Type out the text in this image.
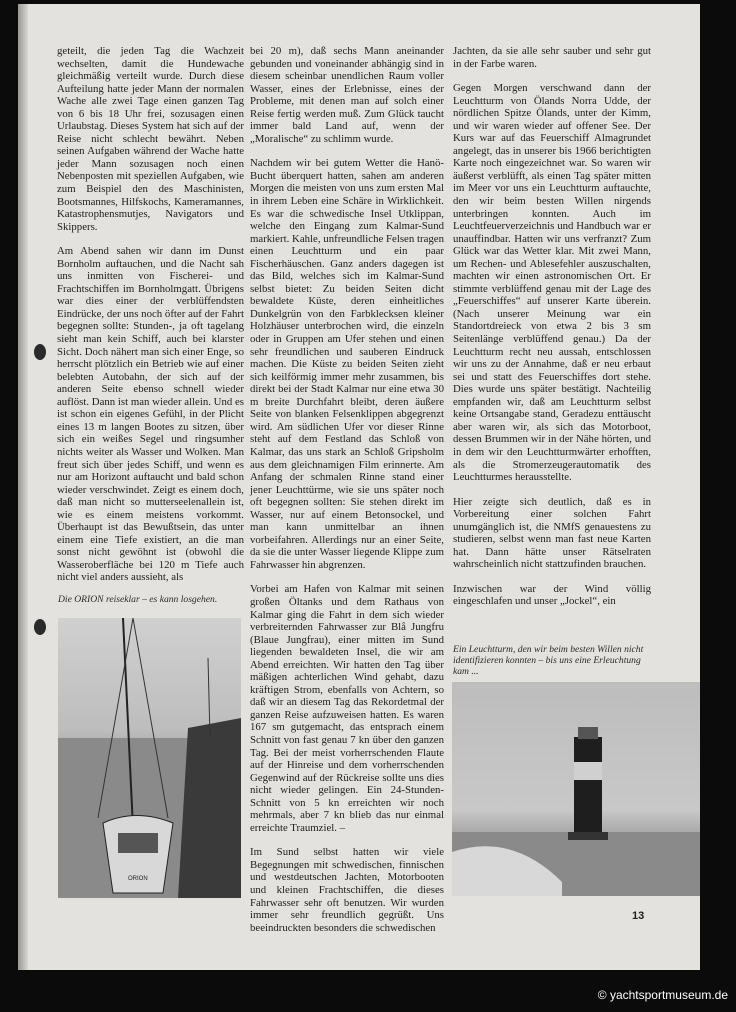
geteilt, die jeden Tag die Wachzeit wechselten, damit die Hundewache gleichmäßig verteilt wurde. Durch diese Aufteilung hatte jeder Mann der normalen Wache alle zwei Tage einen ganzen Tag von 6 bis 18 Uhr frei, sozusagen einen Urlaubstag. Dieses System hat sich auf der Reise nicht schlecht bewährt. Neben seinen Aufgaben während der Wache hatte jeder Mann sozusagen noch einen Nebenposten mit speziellen Aufgaben, wie zum Beispiel den des Maschinisten, Bootsmannes, Hilfskochs, Kameramannes, Katastrophensmutjes, Navigators und Skippers.

Am Abend sahen wir dann im Dunst Bornholm auftauchen, und die Nacht sah uns inmitten von Fischerei- und Frachtschiffen im Bornholmgatt. Übrigens war dies einer der verblüffendsten Eindrücke, der uns noch öfter auf der Fahrt begegnen sollte: Stunden-, ja oft tagelang sieht man kein Schiff, auch bei klarster Sicht. Doch nähert man sich einer Enge, so herrscht plötzlich ein Betrieb wie auf einer belebten Autobahn, der sich auf der anderen Seite ebenso schnell wieder auflöst. Dann ist man wieder allein. Und es ist schon ein eigenes Gefühl, in der Plicht eines 13 m langen Bootes zu sitzen, über sich ein weißes Segel und ringsumher nichts weiter als Wasser und Wolken. Man freut sich über jedes Schiff, und wenn es nur am Horizont auftaucht und bald schon wieder verschwindet. Zeigt es einem doch, daß man nicht so mutterseelenallein ist, wie es einem meistens vorkommt. Überhaupt ist das Bewußtsein, das unter einem eine Tiefe existiert, an die man sonst nicht gewöhnt ist (obwohl die Wasseroberfläche bei 120 m Tiefe auch nicht viel anders aussieht, als

Die ORION reiseklar – es kann losgehen.
ORION

bei 20 m), daß sechs Mann aneinander gebunden und voneinander abhängig sind in diesem scheinbar unendlichen Raum voller Wasser, eines der Erlebnisse, eines der Probleme, mit denen man auf solch einer Reise fertig werden muß. Zum Glück taucht immer bald Land auf, wenn der „Moralische“ zu schlimm wurde.

Nachdem wir bei gutem Wetter die Hanö-Bucht überquert hatten, sahen am anderen Morgen die meisten von uns zum ersten Mal in ihrem Leben eine Schäre in Wirklichkeit. Es war die schwedische Insel Utklippan, welche den Eingang zum Kalmar-Sund markiert. Kahle, unfreundliche Felsen tragen einen Leuchtturm und ein paar Fischerhäuschen. Ganz anders dagegen ist das Bild, welches sich im Kalmar-Sund selbst bietet: Zu beiden Seiten dicht bewaldete Küste, deren einheitliches Dunkelgrün von den Farbklecksen kleiner Holzhäuser unterbrochen wird, die einzeln oder in Gruppen am Ufer stehen und einen sehr freundlichen und sauberen Eindruck machen. Die Küste zu beiden Seiten zieht sich keilförmig immer mehr zusammen, bis direkt bei der Stadt Kalmar nur eine etwa 30 m breite Durchfahrt bleibt, deren äußere Seite von blanken Felsenklippen abgegrenzt wird. Am südlichen Ufer vor dieser Rinne steht auf dem Festland das Schloß von Kalmar, das uns stark an Schloß Gripsholm aus dem gleichnamigen Film erinnerte. Am Anfang der schmalen Rinne stand einer jener Leuchttürme, wie sie uns später noch oft begegnen sollten: Sie stehen direkt im Wasser, nur auf einem Betonsockel, und man kann unmittelbar an ihnen vorbeifahren. Allerdings nur an einer Seite, da sie die unter Wasser liegende Klippe zum Fahrwasser hin abgrenzen.

Vorbei am Hafen von Kalmar mit seinen großen Öltanks und dem Rathaus von Kalmar ging die Fahrt in dem sich wieder verbreiternden Fahrwasser zur Blå Jungfru (Blaue Jungfrau), einer mitten im Sund liegenden bewaldeten Insel, die wir am Abend erreichten. Wir hatten den Tag über mäßigen achterlichen Wind gehabt, dazu kräftigen Strom, ebenfalls von Achtern, so daß wir an diesem Tag das Rekordetmal der ganzen Reise aufzuweisen hatten. Es waren 167 sm gutgemacht, das entsprach einem Schnitt von fast genau 7 kn über den ganzen Tag. Bei der meist vorherrschenden Flaute auf der Hinreise und dem vorherrschenden Gegenwind auf der Rückreise sollte uns dies nicht wieder gelingen. Ein 24-Stunden-Schnitt von 5 kn erreichten wir noch mehrmals, aber 7 kn blieb das nur einmal erreichte Traumziel. –

Im Sund selbst hatten wir viele Begegnungen mit schwedischen, finnischen und westdeutschen Jachten, Motorbooten und kleinen Frachtschiffen, die dieses Fahrwasser sehr oft benutzen. Wir wurden immer sehr freundlich gegrüßt. Uns beeindruckten besonders die schwedischen

Jachten, da sie alle sehr sauber und sehr gut in der Farbe waren.

Gegen Morgen verschwand dann der Leuchtturm von Ölands Norra Udde, der nördlichen Spitze Ölands, unter der Kimm, und wir waren wieder auf offener See. Der Kurs war auf das Feuerschiff Almagrundet angelegt, das in unserer bis 1966 berichtigten Karte noch eingezeichnet war. So waren wir äußerst verblüfft, als einen Tag später mitten im Meer vor uns ein Leuchtturm auftauchte, den wir beim besten Willen nirgends unterbringen konnten. Auch im Leuchtfeuerverzeichnis und Handbuch war er unauffindbar. Hatten wir uns verfranzt? Zum Glück war das Wetter klar. Mit zwei Mann, um Rechen- und Ablesefehler auszuschalten, machten wir einen astronomischen Ort. Er stimmte verblüffend genau mit der Lage des „Feuerschiffes“ auf unserer Karte überein. (Nach unserer Meinung war ein Standortdreieck von etwa 2 bis 3 sm Seitenlänge verblüffend genau.) Da der Leuchtturm recht neu aussah, entschlossen wir uns zu der Annahme, daß er neu erbaut sei und statt des Feuerschiffes dort stehe. Dies wurde uns später bestätigt. Nachteilig empfanden wir, daß am Leuchtturm selbst keine Ortsangabe stand, Geradezu enttäuscht aber waren wir, als sich das Motorboot, dessen Brummen wir in der Nähe hörten, und in dem wir den Leuchtturmwärter erhofften, als die Stromerzeugerautomatik des Leuchtturmes herausstellte.

Hier zeigte sich deutlich, daß es in Vorbereitung einer solchen Fahrt unumgänglich ist, die NMfS genauestens zu studieren, selbst wenn man fast neue Karten hat. Dann hätte unser Rätselraten wahrscheinlich nicht stattzufinden brauchen.

Inzwischen war der Wind völlig eingeschlafen und unser „Jockel“, ein

Ein Leuchtturm, den wir beim besten Willen nicht identifizieren konnten – bis uns eine Erleuchtung kam ...
13
© yachtsportmuseum.de
